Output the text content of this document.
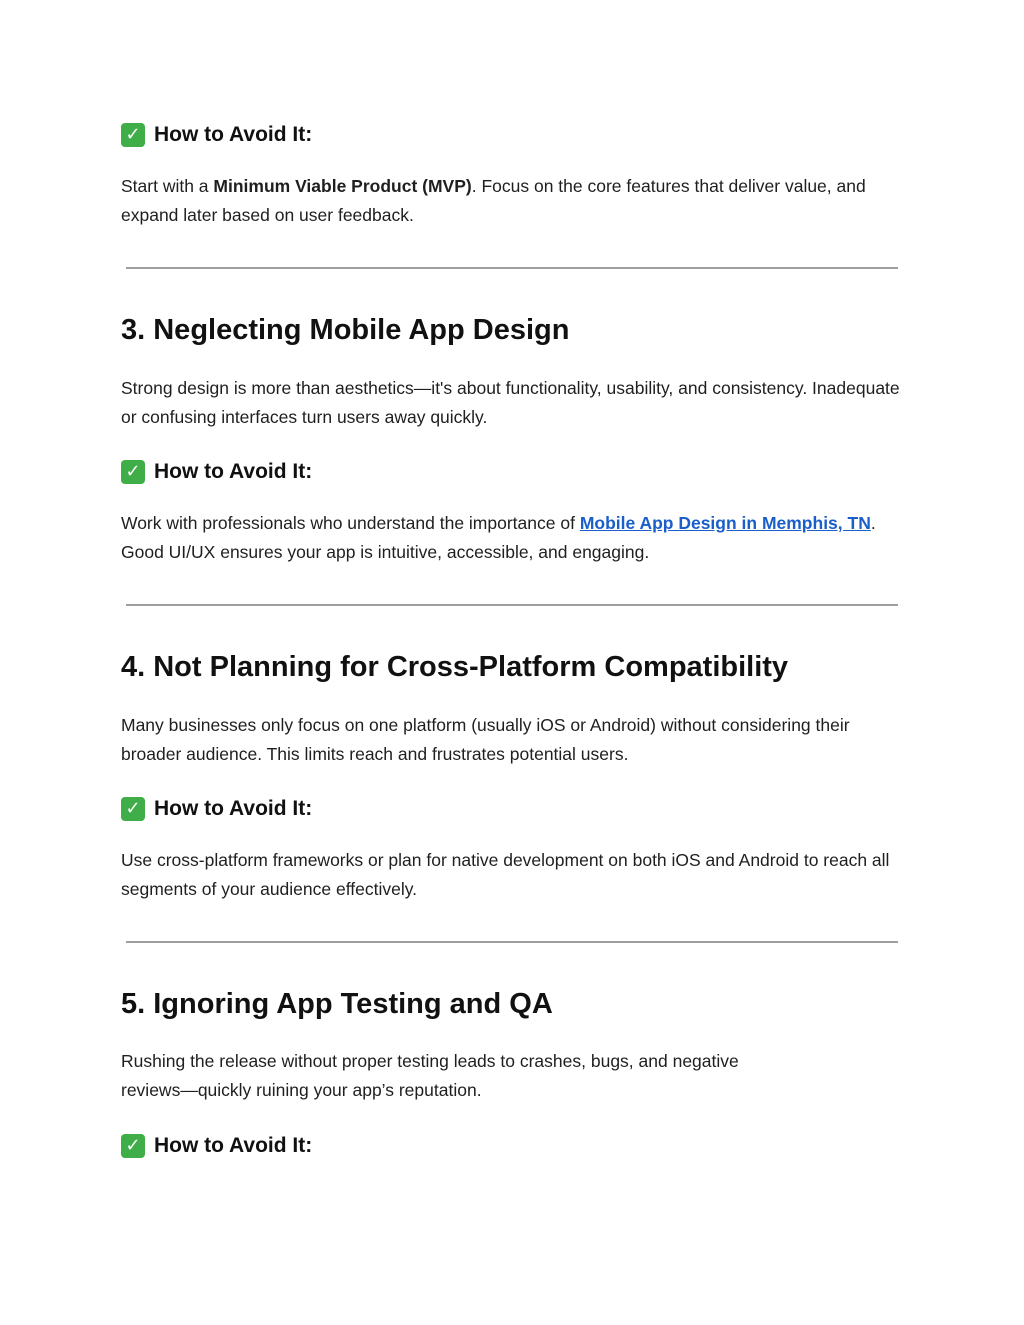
✓ How to Avoid It:
Start with a Minimum Viable Product (MVP). Focus on the core features that deliver value, and expand later based on user feedback.
3. Neglecting Mobile App Design
Strong design is more than aesthetics—it's about functionality, usability, and consistency. Inadequate or confusing interfaces turn users away quickly.
✓ How to Avoid It:
Work with professionals who understand the importance of Mobile App Design in Memphis, TN. Good UI/UX ensures your app is intuitive, accessible, and engaging.
4. Not Planning for Cross-Platform Compatibility
Many businesses only focus on one platform (usually iOS or Android) without considering their broader audience. This limits reach and frustrates potential users.
✓ How to Avoid It:
Use cross-platform frameworks or plan for native development on both iOS and Android to reach all segments of your audience effectively.
5. Ignoring App Testing and QA
Rushing the release without proper testing leads to crashes, bugs, and negative reviews—quickly ruining your app’s reputation.
✓ How to Avoid It:
